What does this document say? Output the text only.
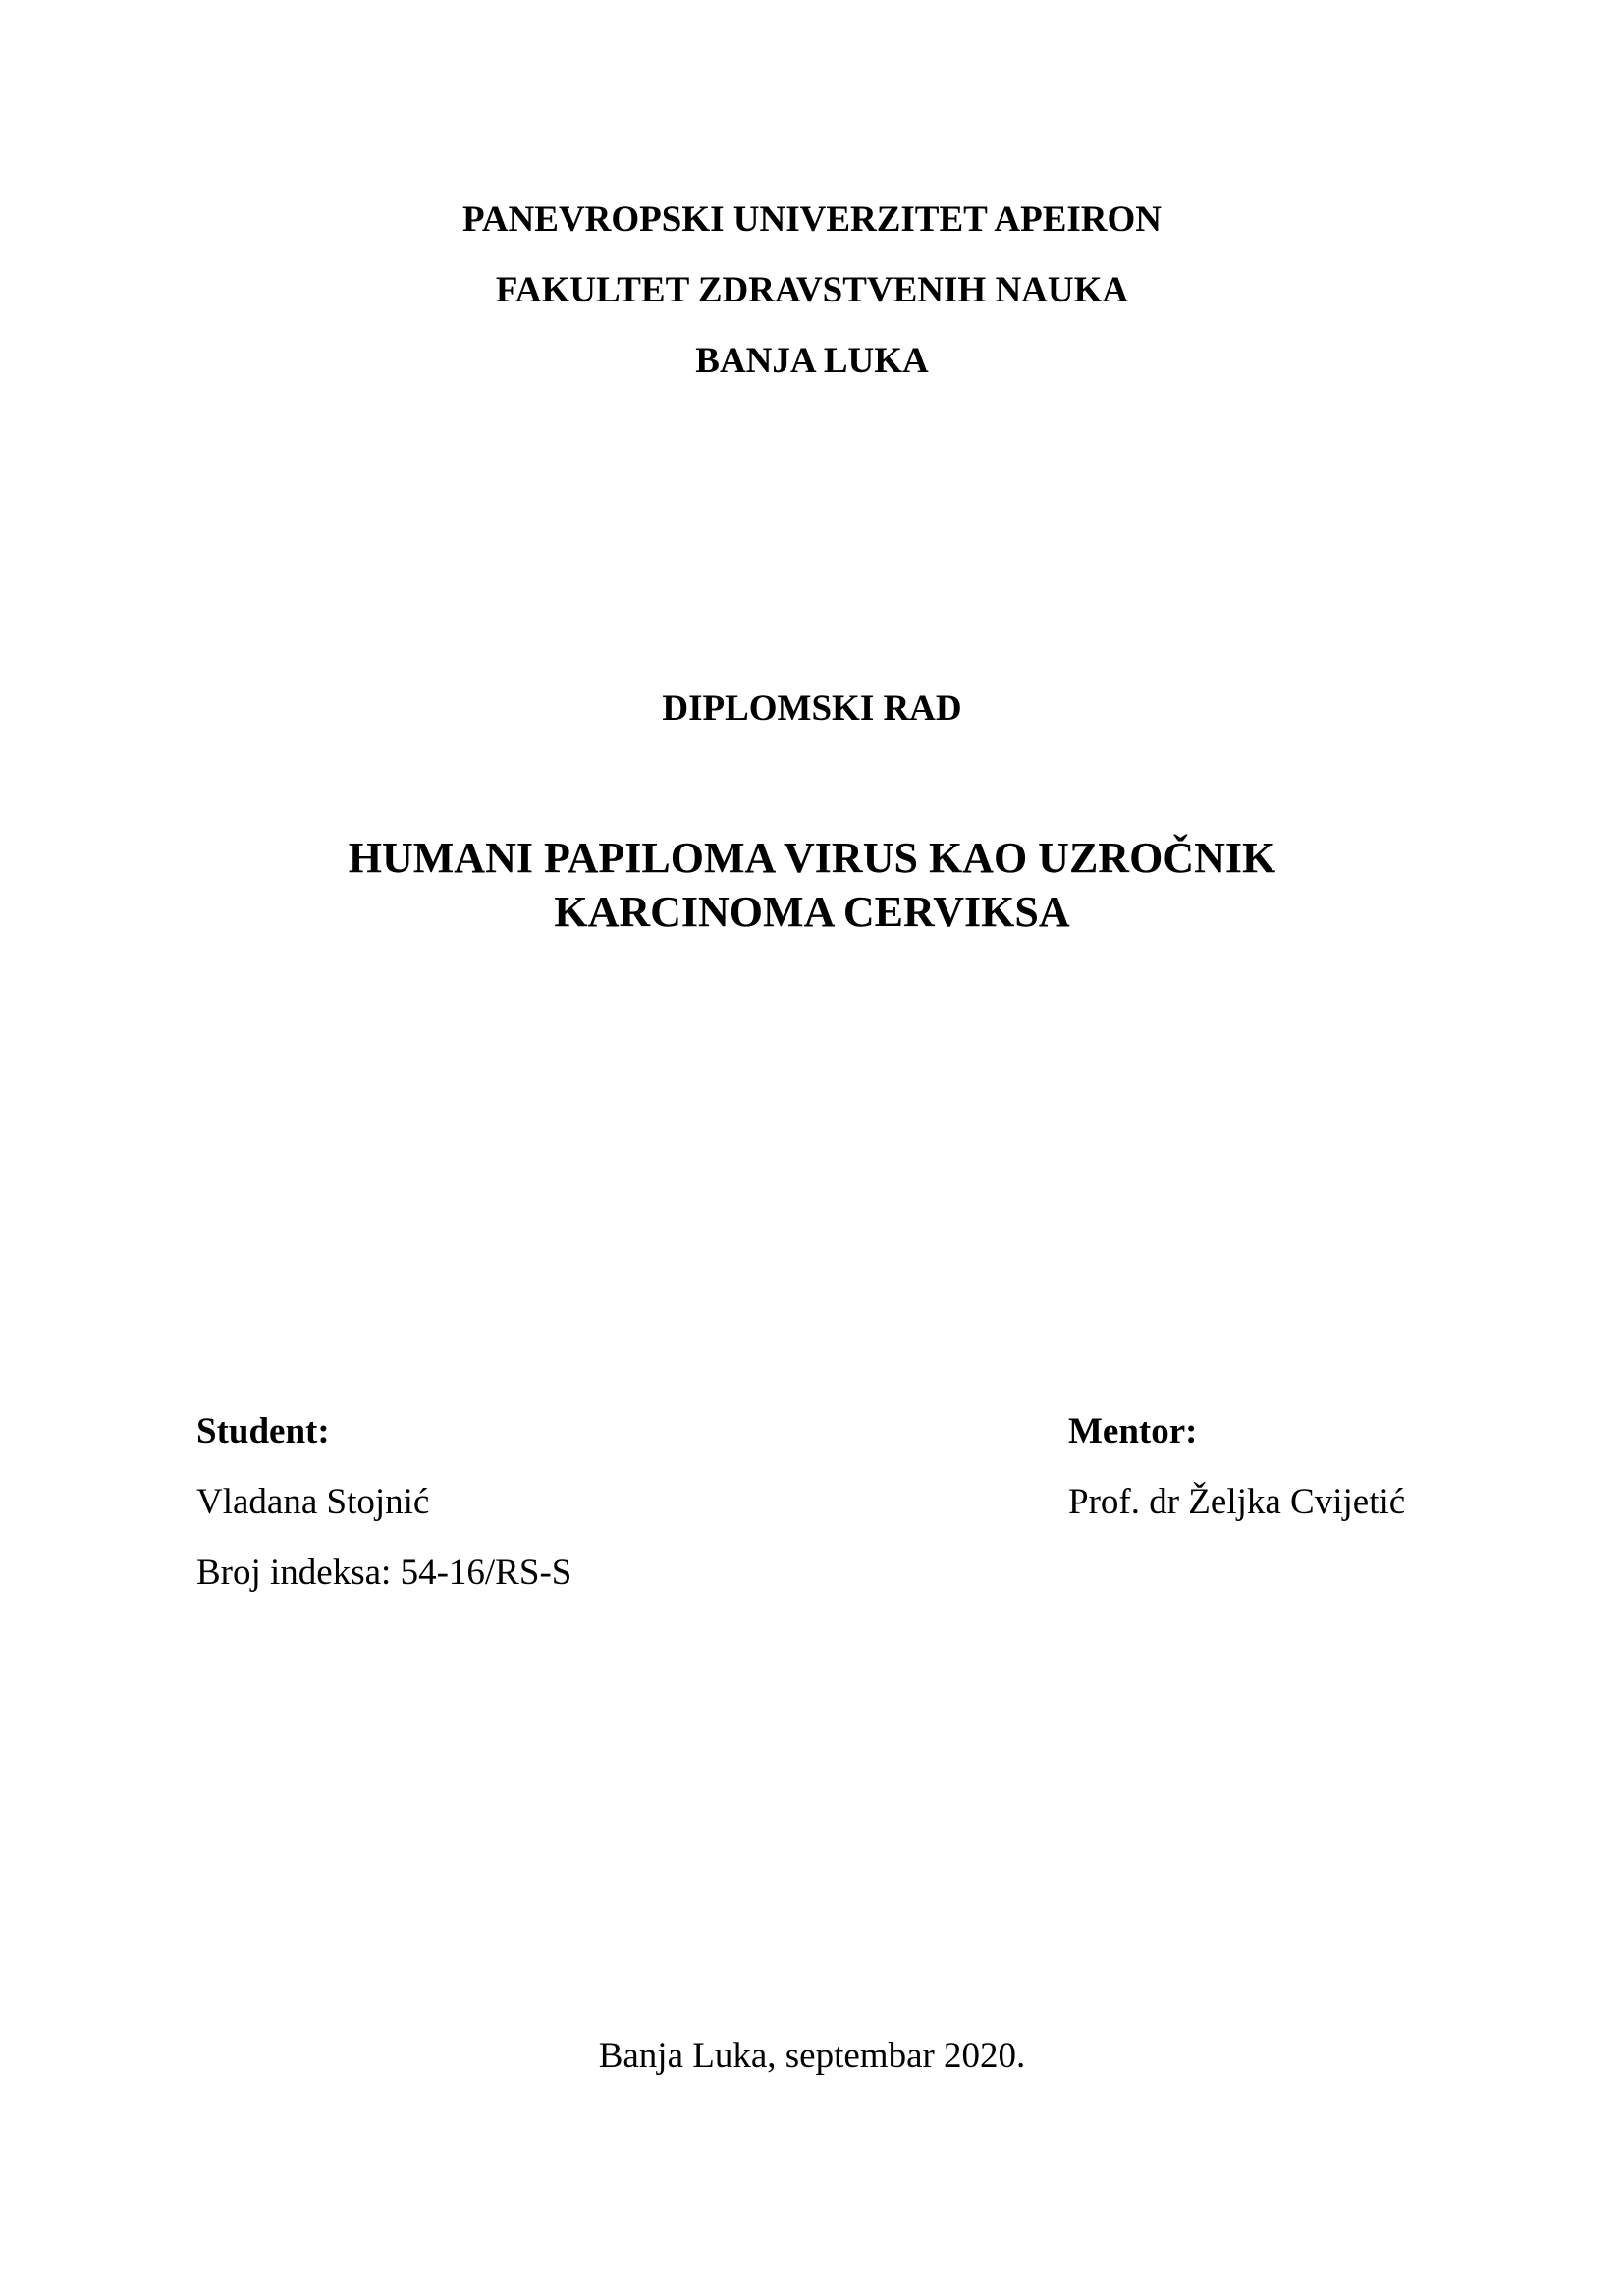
PANEVROPSKI UNIVERZITET APEIRON
FAKULTET ZDRAVSTVENIH NAUKA
BANJA LUKA
DIPLOMSKI RAD
HUMANI PAPILOMA VIRUS KAO UZROČNIK
KARCINOMA CERVIKSA
Student:
Vladana Stojnić
Broj indeksa: 54-16/RS-S
Mentor:
Prof. dr Željka Cvijetić
Banja Luka, septembar 2020.
